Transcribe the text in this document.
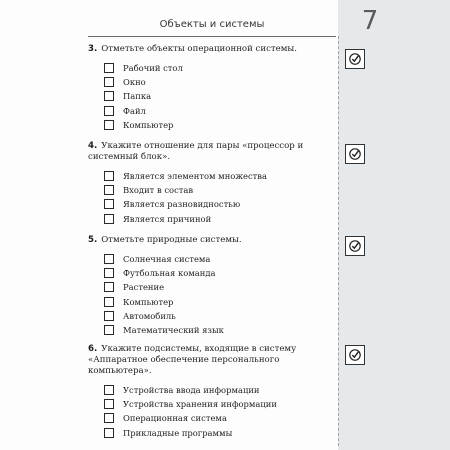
Объекты и системы	7

3. Отметьте объекты операционной системы.

Рабочий стол
Окно
Папка
Файл
Компьютер

4. Укажите отношение для пары «процессор и системный блок».

Является элементом множества
Входит в состав
Является разновидностью
Является причиной

5. Отметьте природные системы.

Солнечная система
Футбольная команда
Растение
Компьютер
Автомобиль
Математический язык

6. Укажите подсистемы, входящие в систему «Аппаратное обеспечение персонального компьютера».

Устройства ввода информации
Устройства хранения информации
Операционная система
Прикладные программы
